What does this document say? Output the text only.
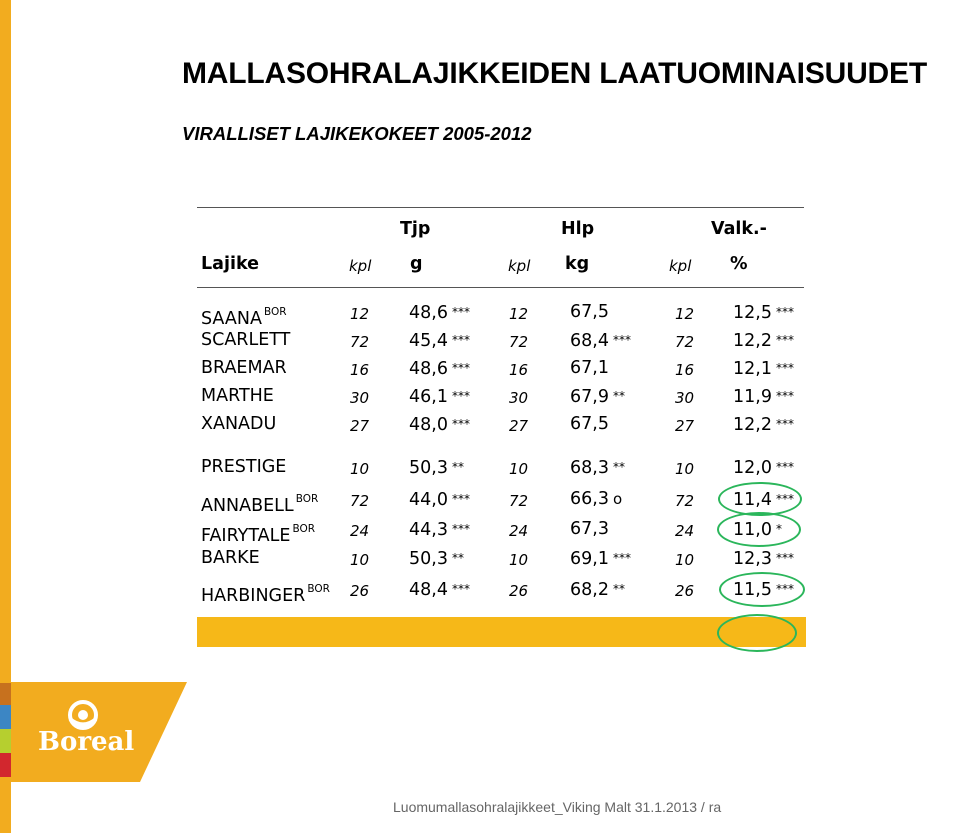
MALLASOHRALAJIKKEIDEN LAATUOMINAISUUDET
VIRALLISET LAJIKEKOKEET 2005-2012
Tjp	Hlp	Valk.-
Lajike	kpl g	kpl kg	kpl %
SAANA $^{BOR}$	12 48,6 ***	12 67,5	12 12,5 ***
SCARLETT	72 45,4 ***	72 68,4 ***	72 12,2 ***
BRAEMAR	16 48,6 ***	16 67,1	16 12,1 ***
MARTHE	30 46,1 ***	30 67,9 **	30 11,9 ***
XANADU	27 48,0 ***	27 67,5	27 12,2 ***
PRESTIGE	10 50,3 **	10 68,3 **	10 12,0 ***
ANNABELL $^{BOR}$ 72 44,0 ***	72 66,3 o	72 11,4 ***
FAIRYTALE $^{BOR}$ 24 44,3 ***	24 67,3	24 11,0 *
BARKE	10 50,3 **	10 69,1 ***	10 12,3 ***
HARBINGER $^{BOR}$ 26 48,4 ***	26 68,2 **	26 11,5 ***
Boreal
Luomumallasohralajikkeet_Viking Malt 31.1.2013 / ra
